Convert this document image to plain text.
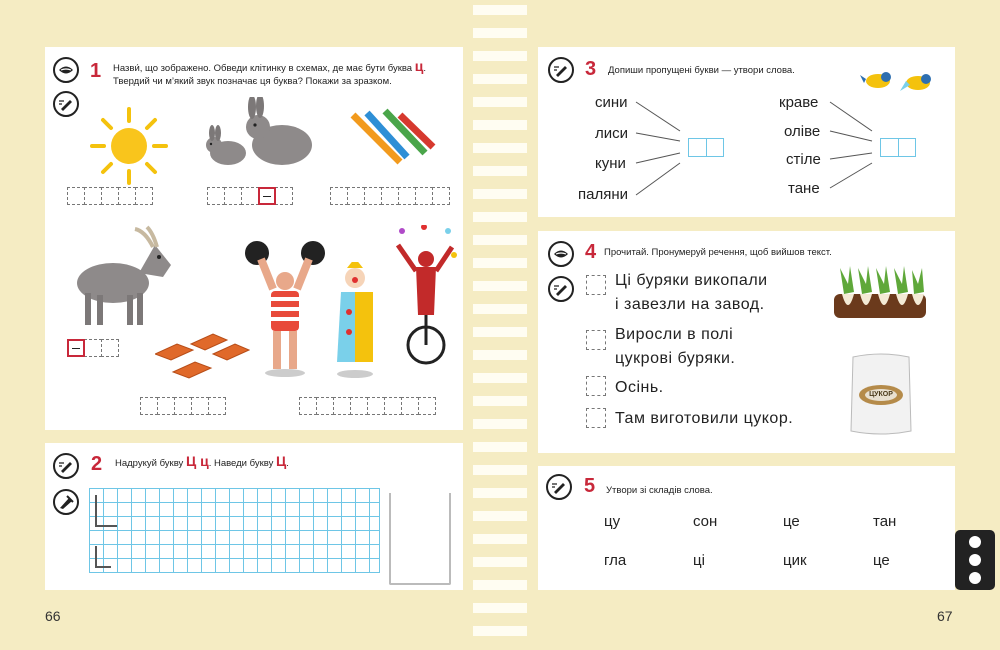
1 Назви́, що зображено. Обведи клітинку в схемах, де має бути буква ц.
Твердий чи м’який звук позначає ця буква? Покажи за зразком.
2 Надрукуй букву Ц ц. Наведи букву Ц.
3 Допиши пропущені букви — утвори слова.
сини
лиси
куни
паляни
краве
оліве
стіле
тане
4 Прочитай. Пронумеруй речення, щоб вийшов текст.
Ці буряки викопали
і завезли на завод.
Виросли в полі
цукрові буряки.
Осінь.
Там виготовили цукор.
ЦУКОР
5 Утвори зі складів слова.
цу	сон	це	тан
гла	ці	цик	це
66	67
